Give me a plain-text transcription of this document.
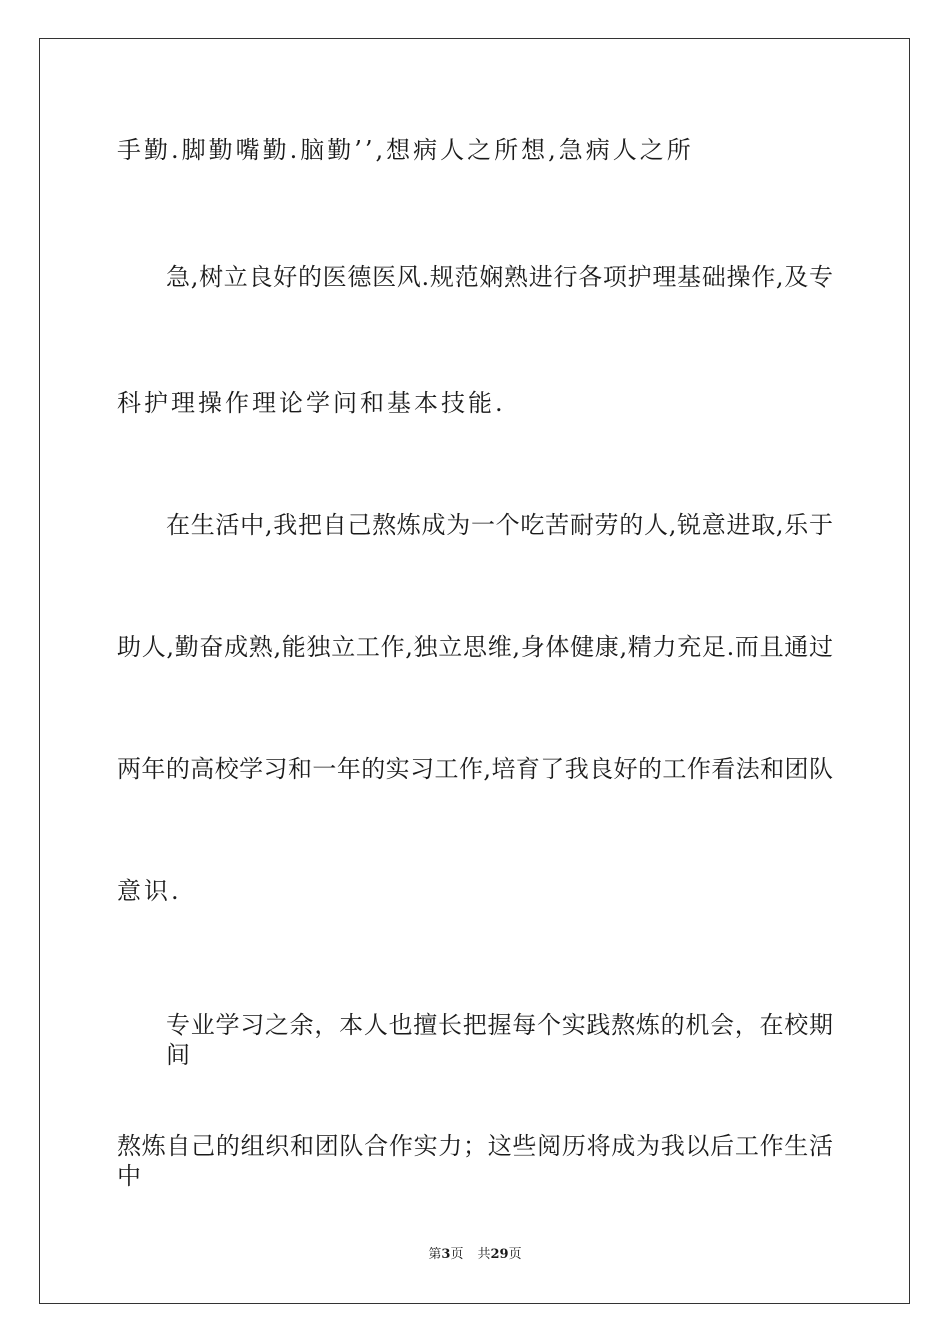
手勤.脚勤嘴勤.脑勤’’,想病人之所想,急病人之所
急,树立良好的医德医风.规范娴熟进行各项护理基础操作,及专
科护理操作理论学问和基本技能.
在生活中,我把自己熬炼成为一个吃苦耐劳的人,锐意进取,乐于
助人,勤奋成熟,能独立工作,独立思维,身体健康,精力充足.而且通过
两年的高校学习和一年的实习工作,培育了我良好的工作看法和团队
意识.
专业学习之余，本人也擅长把握每个实践熬炼的机会，在校期间
熬炼自己的组织和团队合作实力；这些阅历将成为我以后工作生活中
第3页 共29页
